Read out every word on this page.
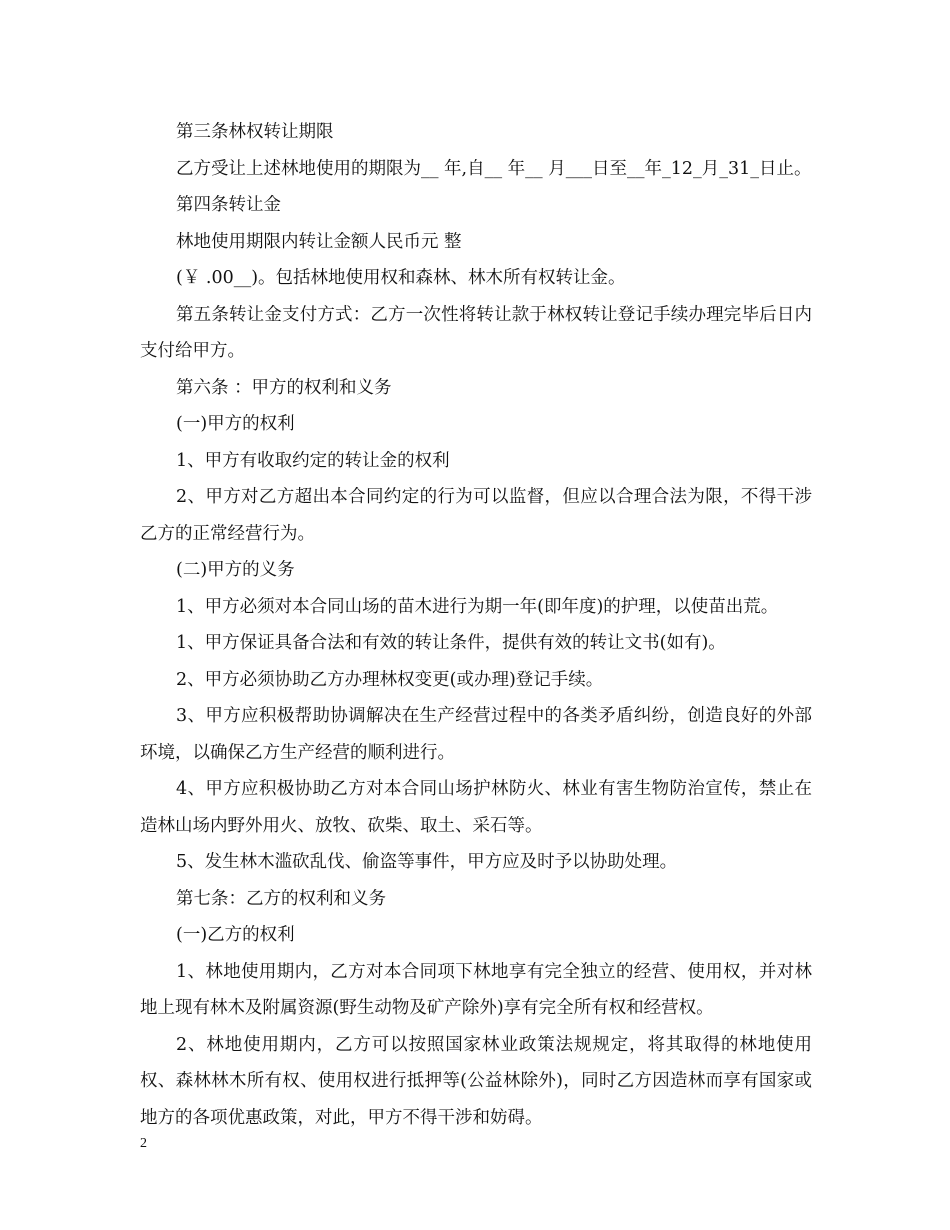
第三条林权转让期限

乙方受让上述林地使用的期限为__ 年,自__ 年__ 月___日至__年_12_月_31_日止。

第四条转让金

林地使用期限内转让金额人民币元 整

(￥ .00__)。包括林地使用权和森林、林木所有权转让金。

第五条转让金支付方式：乙方一次性将转让款于林权转让登记手续办理完毕后日内支付给甲方。

第六条 ：甲方的权利和义务

(一)甲方的权利

1、甲方有收取约定的转让金的权利

2、甲方对乙方超出本合同约定的行为可以监督，但应以合理合法为限，不得干涉乙方的正常经营行为。

(二)甲方的义务

1、甲方必须对本合同山场的苗木进行为期一年(即年度)的护理，以使苗出荒。

1、甲方保证具备合法和有效的转让条件，提供有效的转让文书(如有)。

2、甲方必须协助乙方办理林权变更(或办理)登记手续。

3、甲方应积极帮助协调解决在生产经营过程中的各类矛盾纠纷，创造良好的外部环境，以确保乙方生产经营的顺利进行。

4、甲方应积极协助乙方对本合同山场护林防火、林业有害生物防治宣传，禁止在造林山场内野外用火、放牧、砍柴、取土、采石等。

5、发生林木滥砍乱伐、偷盗等事件，甲方应及时予以协助处理。

第七条：乙方的权利和义务

(一)乙方的权利

1、林地使用期内，乙方对本合同项下林地享有完全独立的经营、使用权，并对林地上现有林木及附属资源(野生动物及矿产除外)享有完全所有权和经营权。

2、林地使用期内，乙方可以按照国家林业政策法规规定，将其取得的林地使用权、森林林木所有权、使用权进行抵押等(公益林除外)，同时乙方因造林而享有国家或地方的各项优惠政策，对此，甲方不得干涉和妨碍。

2
